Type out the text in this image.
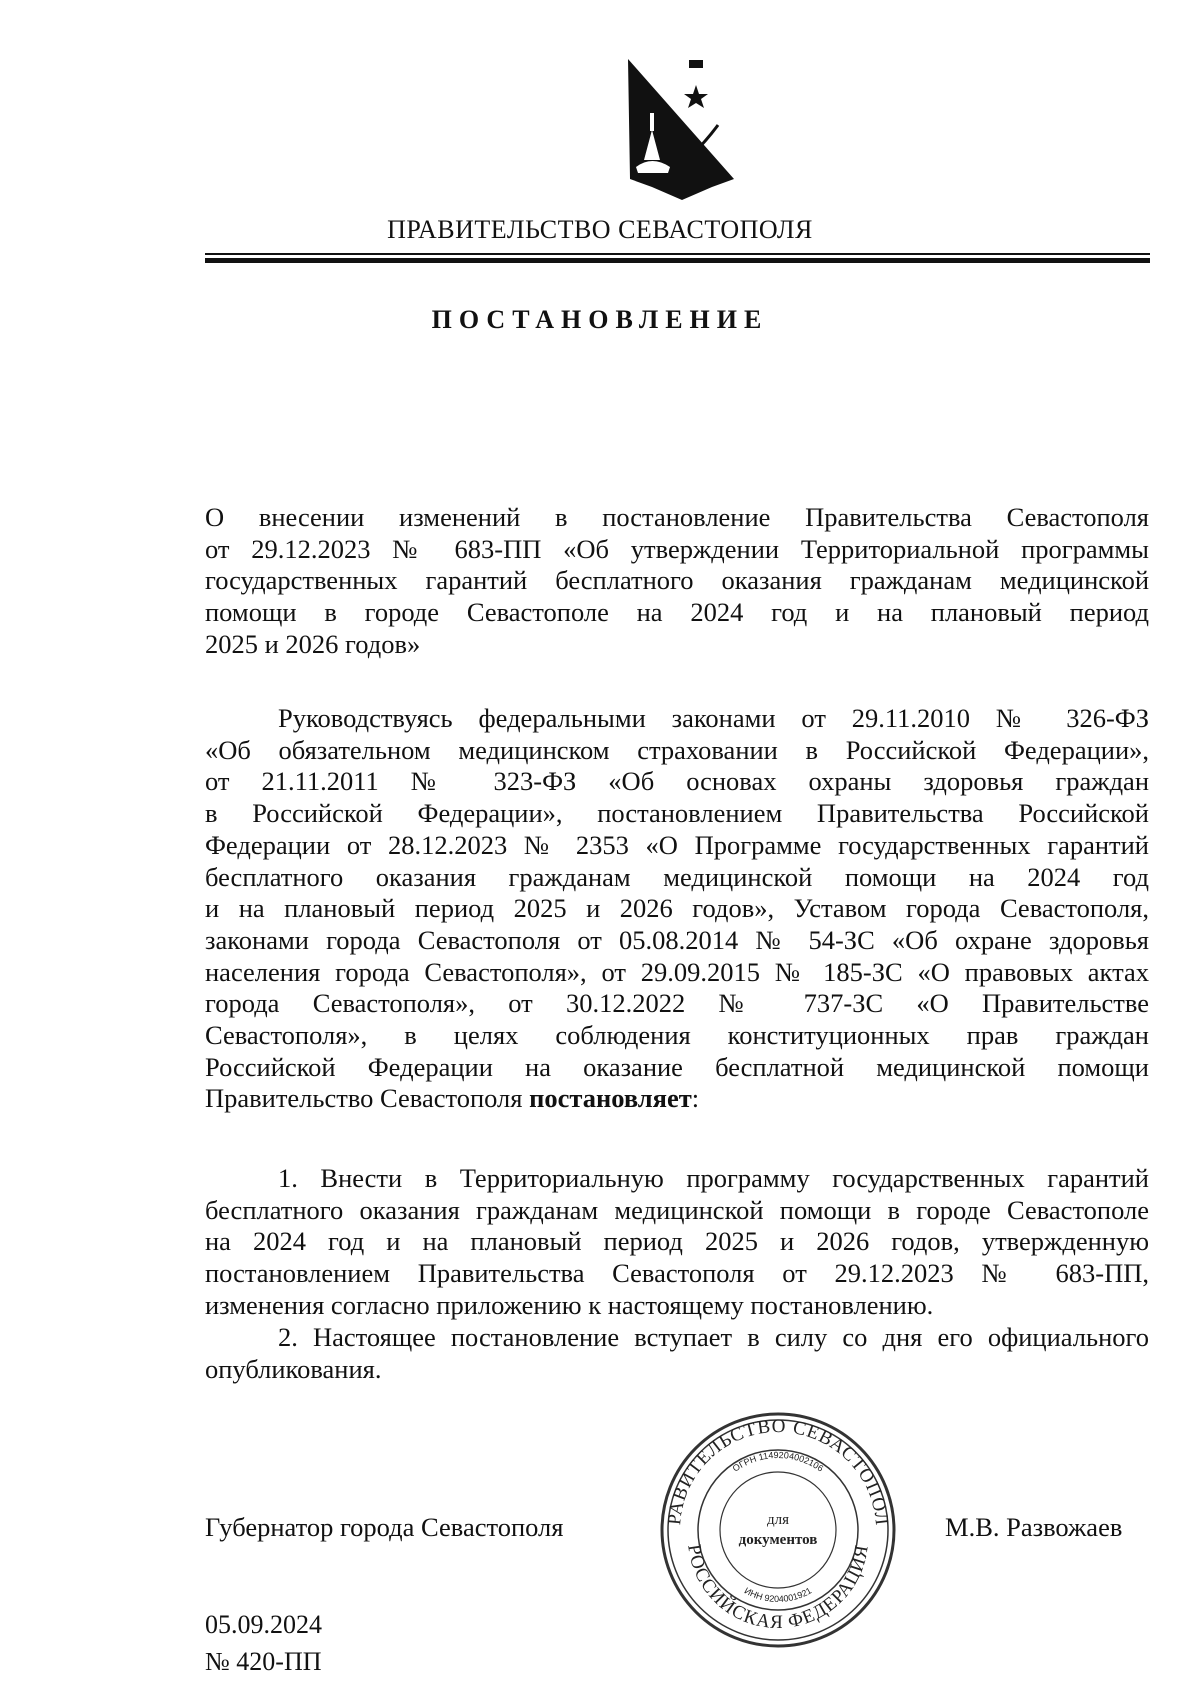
ПРАВИТЕЛЬСТВО СЕВАСТОПОЛЯ
ПОСТАНОВЛЕНИЕ
О внесении изменений в постановление Правительства Севастополя
от 29.12.2023 № 683-ПП «Об утверждении Территориальной программы
государственных гарантий бесплатного оказания гражданам медицинской
помощи в городе Севастополе на 2024 год и на плановый период
2025 и 2026 годов»
Руководствуясь федеральными законами от 29.11.2010 № 326-ФЗ
«Об обязательном медицинском страховании в Российской Федерации»,
от 21.11.2011 № 323-ФЗ «Об основах охраны здоровья граждан
в Российской Федерации», постановлением Правительства Российской
Федерации от 28.12.2023 № 2353 «О Программе государственных гарантий
бесплатного оказания гражданам медицинской помощи на 2024 год
и на плановый период 2025 и 2026 годов», Уставом города Севастополя,
законами города Севастополя от 05.08.2014 № 54-ЗС «Об охране здоровья
населения города Севастополя», от 29.09.2015 № 185-ЗС «О правовых актах
города Севастополя», от 30.12.2022 № 737-ЗС «О Правительстве
Севастополя», в целях соблюдения конституционных прав граждан
Российской Федерации на оказание бесплатной медицинской помощи
Правительство Севастополя постановляет:
1. Внести в Территориальную программу государственных гарантий
бесплатного оказания гражданам медицинской помощи в городе Севастополе
на 2024 год и на плановый период 2025 и 2026 годов, утвержденную
постановлением Правительства Севастополя от 29.12.2023 № 683-ПП,
изменения согласно приложению к настоящему постановлению.
2. Настоящее постановление вступает в силу со дня его официального
опубликования.
Губернатор города Севастополя	М.В. Развожаев
РАВИТЕЛЬСТВО СЕВАСТОПОЛ
РОССИЙСКАЯ ФЕДЕРАЦИЯ
ОГРН 1149204002106
ИНН 9204001921
для
документов
05.09.2024
№ 420-ПП
